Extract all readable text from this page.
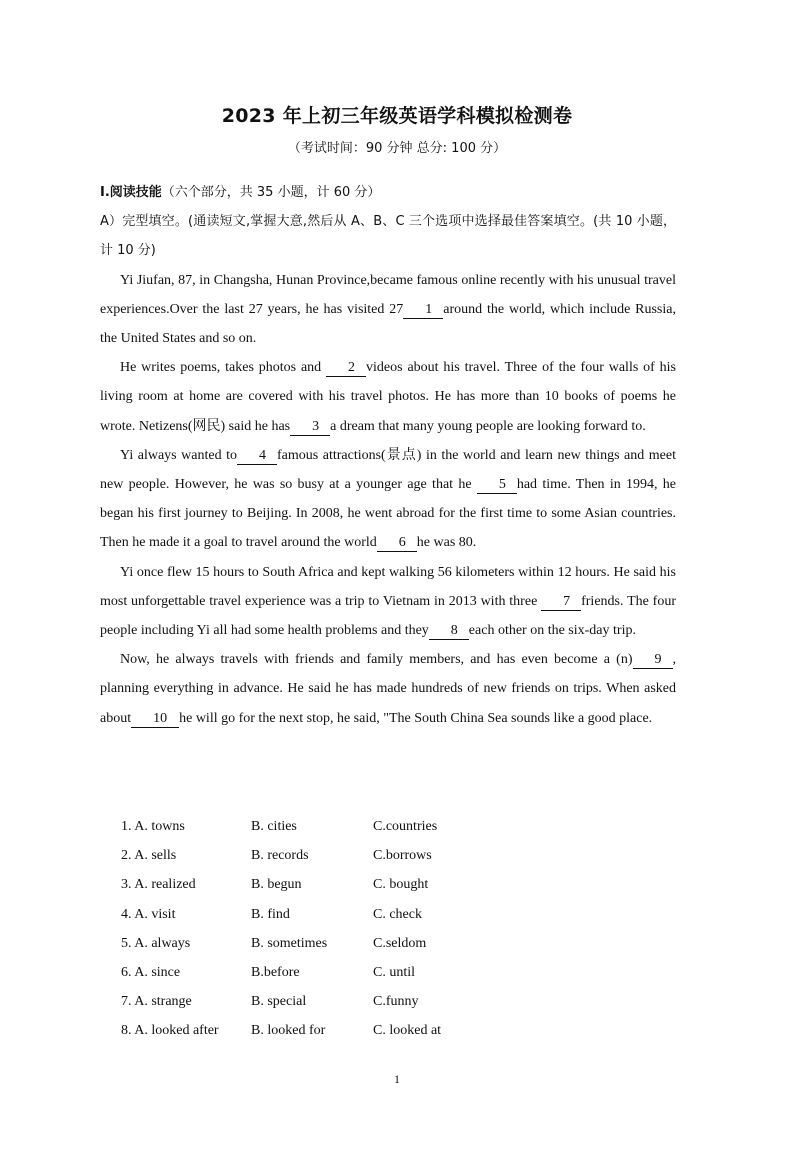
2023 年上初三年级英语学科模拟检测卷
（考试时间：90 分钟 总分: 100 分）

I.阅读技能（六个部分，共 35 小题，计 60 分）

A）完型填空。(通读短文,掌握大意,然后从 A、B、C 三个选项中选择最佳答案填空。(共 10 小题，计 10 分)

Yi Jiufan, 87, in Changsha, Hunan Province,became famous online recently with his unusual travel experiences.Over the last 27 years, he has visited 27 1 around the world, which include Russia, the United States and so on.

He writes poems, takes photos and 2 videos about his travel. Three of the four walls of his living room at home are covered with his travel photos. He has more than 10 books of poems he wrote. Netizens(网民) said he has 3 a dream that many young people are looking forward to.

Yi always wanted to 4 famous attractions(景点) in the world and learn new things and meet new people. However, he was so busy at a younger age that he 5 had time. Then in 1994, he began his first journey to Beijing. In 2008, he went abroad for the first time to some Asian countries. Then he made it a goal to travel around the world 6 he was 80.

Yi once flew 15 hours to South Africa and kept walking 56 kilometers within 12 hours. He said his most unforgettable travel experience was a trip to Vietnam in 2013 with three 7 friends. The four people including Yi all had some health problems and they 8 each other on the six-day trip.

Now, he always travels with friends and family members, and has even become a (n) 9 , planning everything in advance. He said he has made hundreds of new friends on trips. When asked about 10 he will go for the next stop, he said, "The South China Sea sounds like a good place.

1. A. towns	B. cities	C.countries
2. A. sells	B. records	C.borrows
3. A. realized	B. begun	C. bought
4. A. visit	B. find	C. check
5. A. always	B. sometimes	C.seldom
6. A. since	B.before	C. until
7. A. strange	B. special	C.funny
8. A. looked after B. looked for	C. looked at
1
